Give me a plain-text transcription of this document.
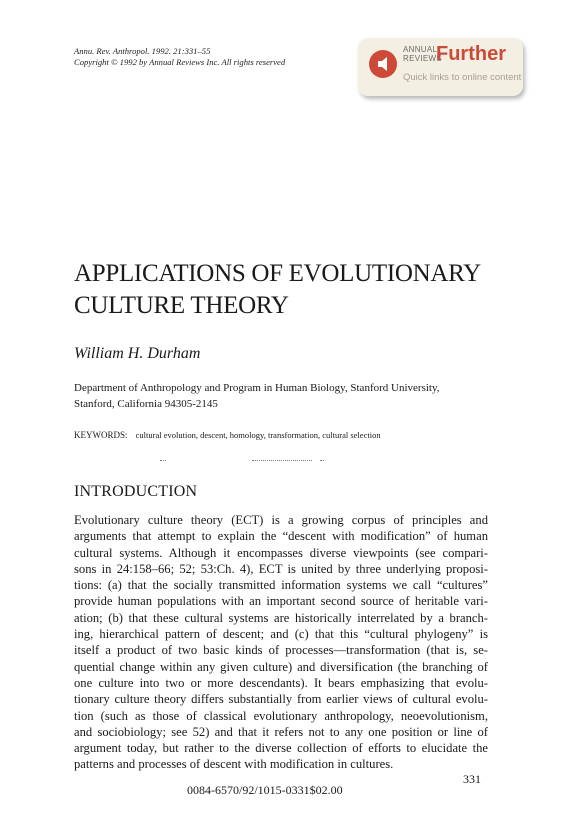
Annu. Rev. Anthropol. 1992. 21:331–55
Copyright © 1992 by Annual Reviews Inc. All rights reserved
ANNUAL
REVIEWS
Further
Quick links to online content
APPLICATIONS OF EVOLUTIONARY
CULTURE THEORY
William H. Durham
Department of Anthropology and Program in Human Biology, Stanford University,
Stanford, California 94305-2145
KEYWORDS: cultural evolution, descent, homology, transformation, cultural selection
INTRODUCTION
Evolutionary culture theory (ECT) is a growing corpus of principles and
arguments that attempt to explain the “descent with modification” of human
cultural systems. Although it encompasses diverse viewpoints (see compari-
sons in 24:158–66; 52; 53:Ch. 4), ECT is united by three underlying proposi-
tions: (a) that the socially transmitted information systems we call “cultures”
provide human populations with an important second source of heritable vari-
ation; (b) that these cultural systems are historically interrelated by a branch-
ing, hierarchical pattern of descent; and (c) that this “cultural phylogeny” is
itself a product of two basic kinds of processes—transformation (that is, se-
quential change within any given culture) and diversification (the branching of
one culture into two or more descendants). It bears emphasizing that evolu-
tionary culture theory differs substantially from earlier views of cultural evolu-
tion (such as those of classical evolutionary anthropology, neoevolutionism,
and sociobiology; see 52) and that it refers not to any one position or line of
argument today, but rather to the diverse collection of efforts to elucidate the
patterns and processes of descent with modification in cultures.
331
0084-6570/92/1015-0331$02.00
